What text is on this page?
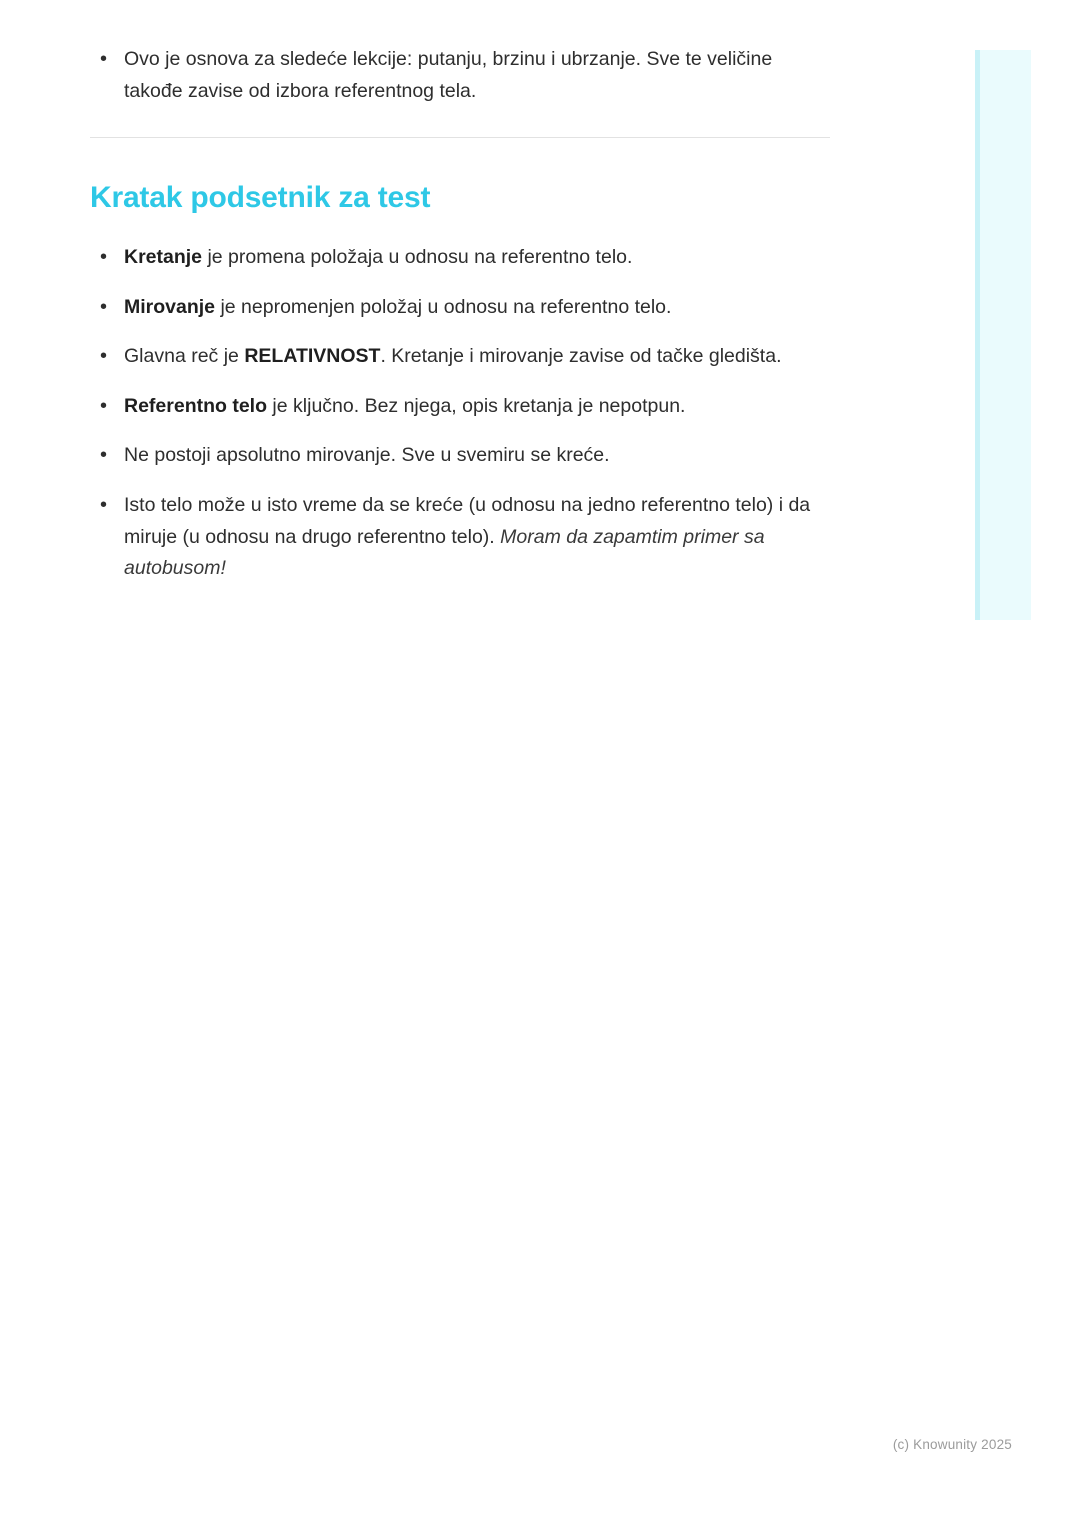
• Ovo je osnova za sledeće lekcije: putanju, brzinu i ubrzanje. Sve te veličine takođe zavise od izbora referentnog tela.
Kratak podsetnik za test
• Kretanje je promena položaja u odnosu na referentno telo.
• Mirovanje je nepromenjen položaj u odnosu na referentno telo.
• Glavna reč je RELATIVNOST. Kretanje i mirovanje zavise od tačke gledišta.
• Referentno telo je ključno. Bez njega, opis kretanja je nepotpun.
• Ne postoji apsolutno mirovanje. Sve u svemiru se kreće.
• Isto telo može u isto vreme da se kreće (u odnosu na jedno referentno telo) i da miruje (u odnosu na drugo referentno telo). Moram da zapamtim primer sa autobusom!
(c) Knowunity 2025
